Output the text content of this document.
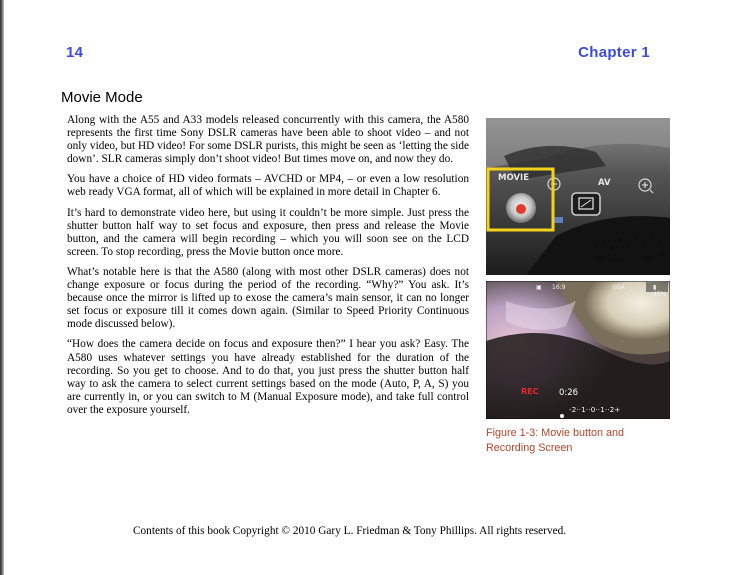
14	Chapter 1
Movie Mode

Along with the A55 and A33 models released concurrently with this camera, the A580 represents the first time Sony DSLR cameras have been able to shoot video – and not only video, but HD video! For some DSLR purists, this might be seen as ‘letting the side down’. SLR cameras simply don’t shoot video! But times move on, and now they do.

You have a choice of HD video formats – AVCHD or MP4, – or even a low resolution web ready VGA format, all of which will be explained in more detail in Chapter 6.

It’s hard to demonstrate video here, but using it couldn’t be more simple. Just press the shutter button half way to set focus and exposure, then press and release the Movie button, and the camera will begin recording – which you will soon see on the LCD screen. To stop recording, press the Movie button once more.

What’s notable here is that the A580 (along with most other DSLR cameras) does not change exposure or focus during the period of the recording. “Why?” You ask. It’s because once the mirror is lifted up to exose the camera’s main sensor, it can no longer set focus or exposure till it comes down again. (Similar to Speed Priority Continuous mode discussed below).

“How does the camera decide on focus and exposure then?” I hear you ask? Easy. The A580 uses whatever settings you have already established for the duration of the recording. So you get to choose. And to do that, you just press the shutter button half way to ask the camera to select current settings based on the mode (Auto, P, A, S) you are currently in, or you can switch to M (Manual Exposure mode), and take full control over the exposure yourself.

MOVIE	AV
▣ 16:9	VGA	▮ 45%
REC 0:26
-2··1··0··1··2+
Figure 1-3: Movie button and Recording Screen
Contents of this book Copyright © 2010 Gary L. Friedman & Tony Phillips. All rights reserved.
